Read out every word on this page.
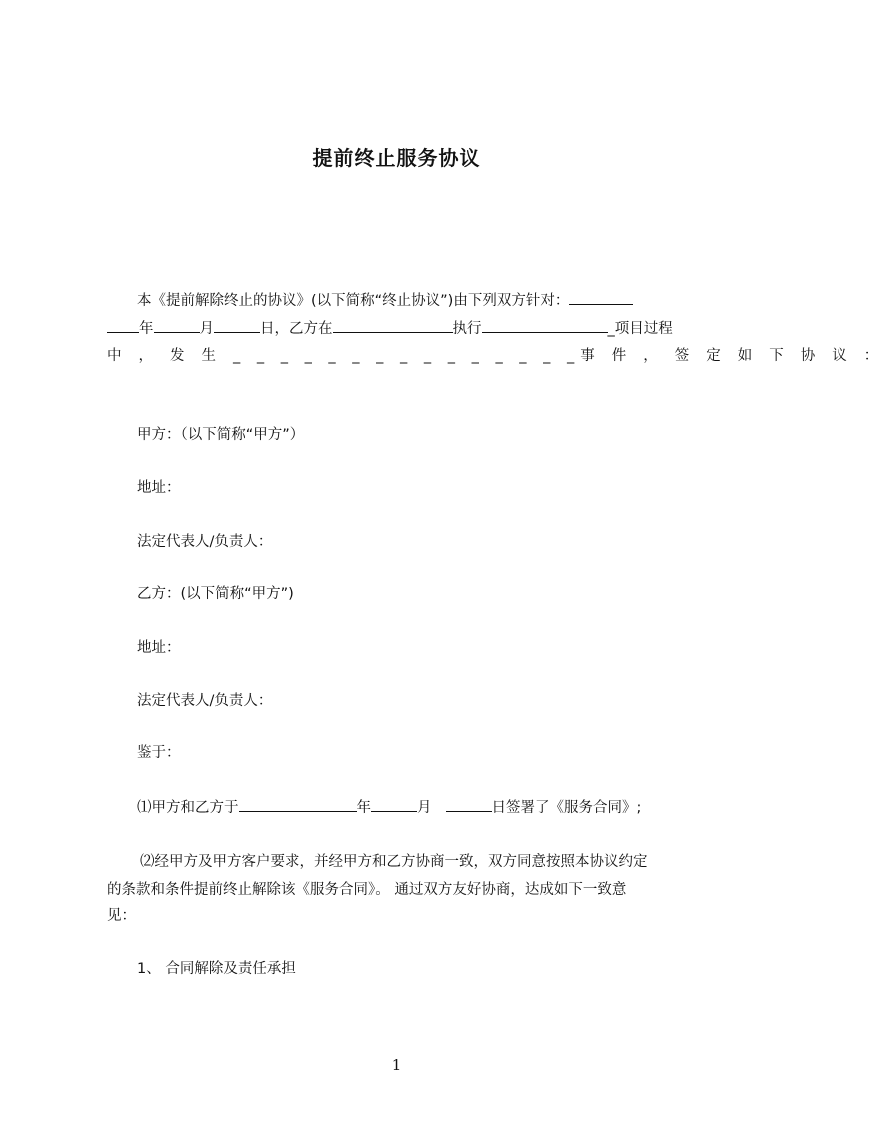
提前终止服务协议
本《提前解除终止的协议》(以下简称“终止协议”)由下列双方针对：
年	月	日，乙方在	执行	_项目过程
中，发生 _ _ _ _ _ _ _ _ _ _ _ _ _ _ _ 事件，签定如下协议：
甲方：（以下简称“甲方”）
地址：
法定代表人/负责人：
乙方：(以下简称“甲方”)
地址：
法定代表人/负责人：
鉴于：
⑴甲方和乙方于	年	月	日签署了《服务合同》;
⑵经甲方及甲方客户要求，并经甲方和乙方协商一致，双方同意按照本协议约定
的条款和条件提前终止解除该《服务合同》。 通过双方友好协商，达成如下一致意
见：
1、 合同解除及责任承担
1
